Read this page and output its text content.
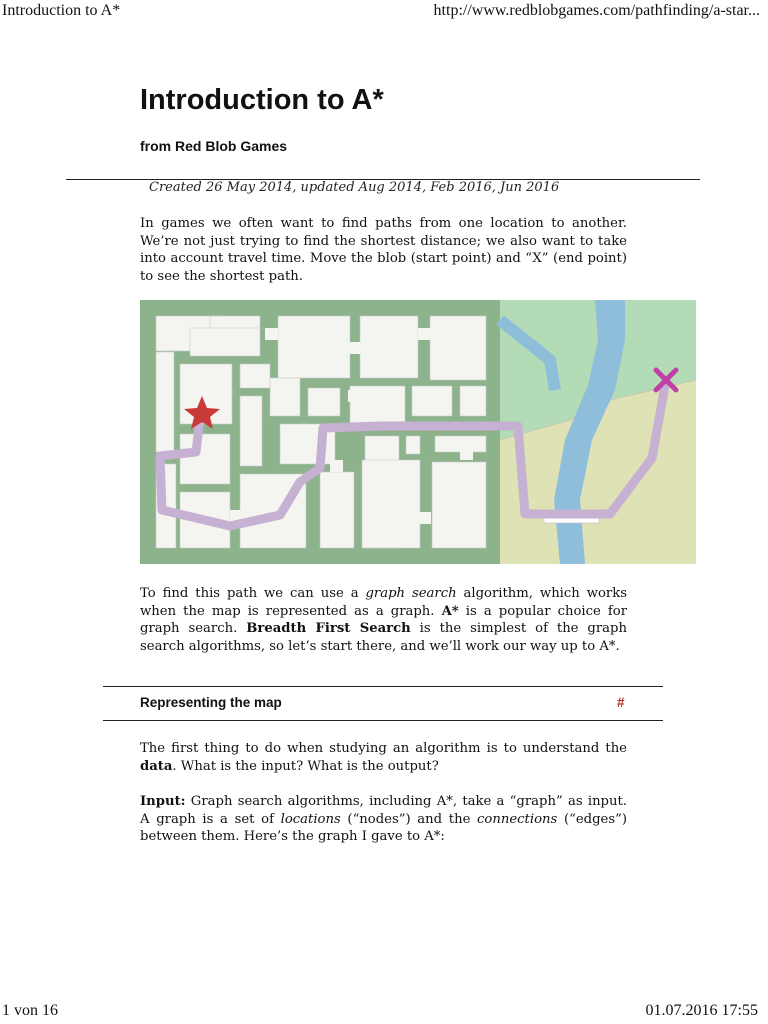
Introduction to A*	http://www.redblobgames.com/pathfinding/a-star...
Introduction to A*
from Red Blob Games
Created 26 May 2014, updated Aug 2014, Feb 2016, Jun 2016

In games we often want to find paths from one location to another. We’re not just trying to find the shortest distance; we also want to take into account travel time. Move the blob (start point) and “X” (end point) to see the shortest path.

To find this path we can use a graph search algorithm, which works when the map is represented as a graph. A* is a popular choice for graph search. Breadth First Search is the simplest of the graph search algorithms, so let’s start there, and we’ll work our way up to A*.

Representing the map	#

The first thing to do when studying an algorithm is to understand the data. What is the input? What is the output?

Input: Graph search algorithms, including A*, take a “graph” as input. A graph is a set of locations (“nodes”) and the connections (“edges”) between them. Here’s the graph I gave to A*:

1 von 16	01.07.2016 17:55
